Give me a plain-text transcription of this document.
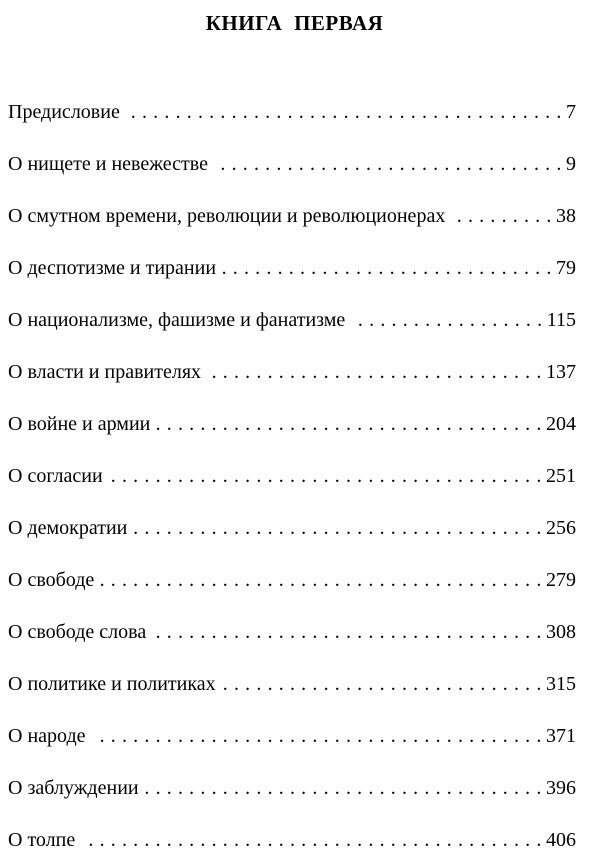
КНИГА ПЕРВАЯ
Предисловие . . .	7
О нищете и невежестве . . .	9
О смутном времени, революции и революционерах . . .	38
О деспотизме и тирании . . .	79
О национализме, фашизме и фанатизме . . .	115
О власти и правителях . . .	137
О войне и армии . . .	204
О согласии . . .	251
О демократии . . .	256
О свободе . . .	279
О свободе слова . . .	308
О политике и политиках . . .	315
О народе . . .	371
О заблуждении . . .	396
О толпе . . .	406
